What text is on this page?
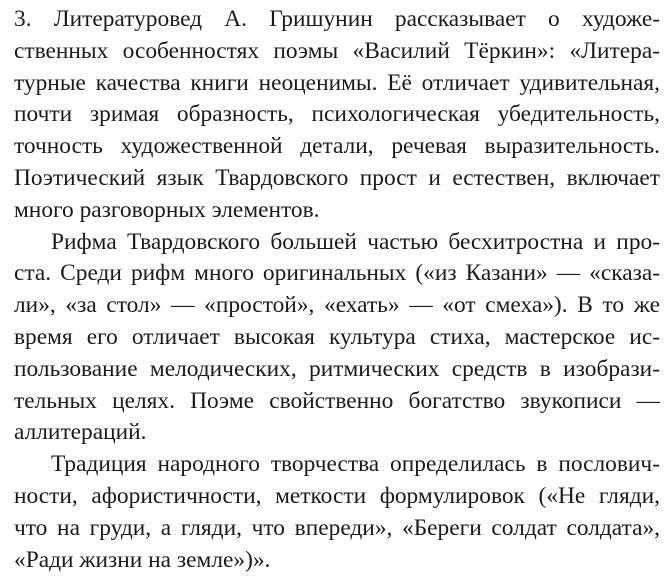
3. Литературовед А. Гришунин рассказывает о художе-
ственных особенностях поэмы «Василий Тёркин»: «Литера-
турные качества книги неоценимы. Её отличает удивительная,
почти зримая образность, психологическая убедительность,
точность художественной детали, речевая выразительность.
Поэтический язык Твардовского прост и естествен, включает
много разговорных элементов.
Рифма Твардовского большей частью бесхитростна и про-
ста. Среди рифм много оригинальных («из Казани» — «сказа-
ли», «за стол» — «простой», «ехать» — «от смеха»). В то же
время его отличает высокая культура стиха, мастерское ис-
пользование мелодических, ритмических средств в изобрази-
тельных целях. Поэме свойственно богатство звукописи —
аллитераций.
Традиция народного творчества определилась в послович-
ности, афористичности, меткости формулировок («Не гляди,
что на груди, а гляди, что впереди», «Береги солдат солдата»,
«Ради жизни на земле»)».
